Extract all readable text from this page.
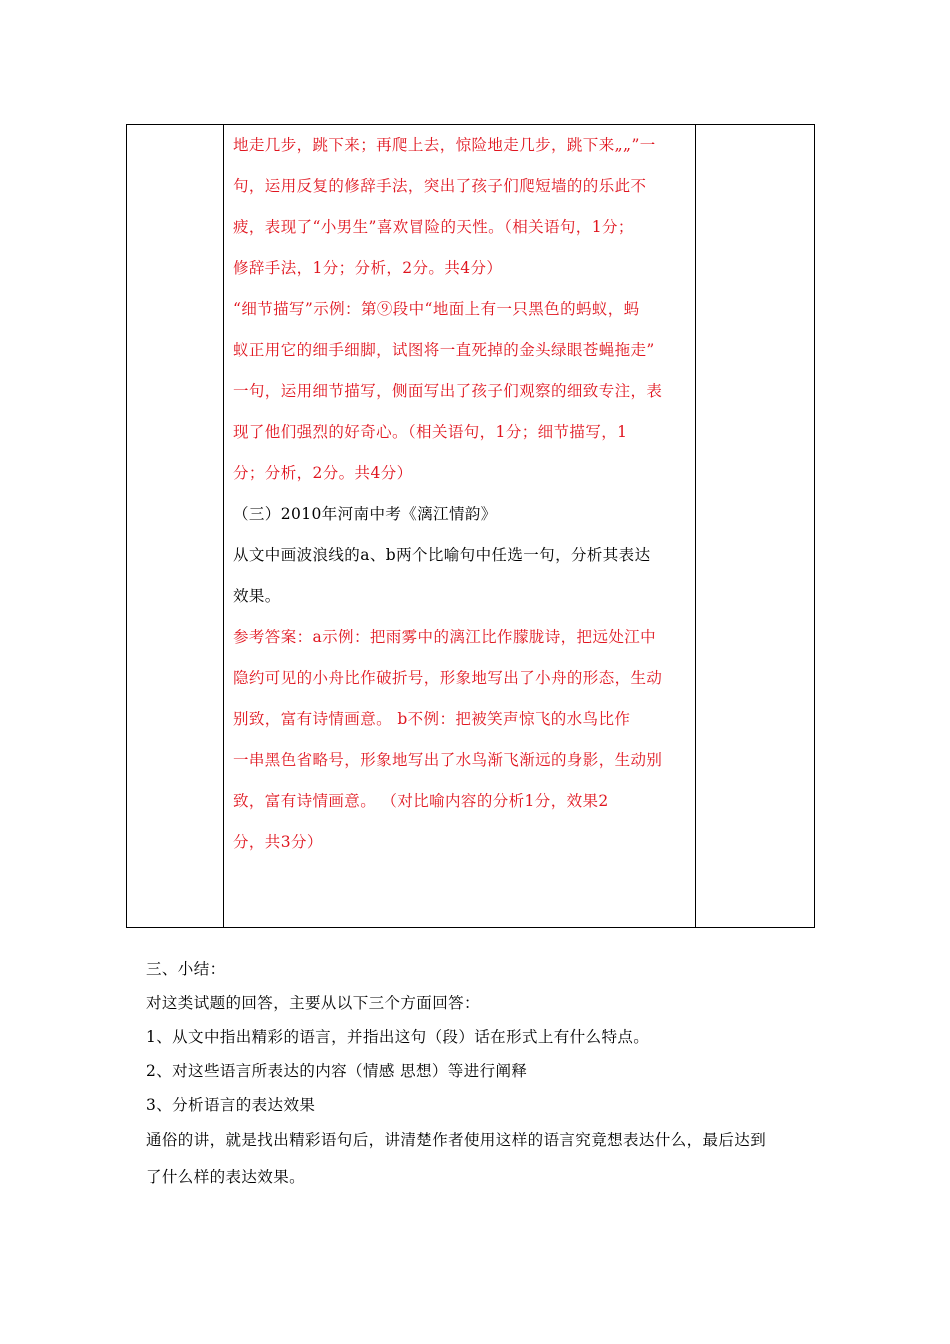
地走几步，跳下来；再爬上去，惊险地走几步，跳下来„„”一

句，运用反复的修辞手法，突出了孩子们爬短墙的的乐此不

疲，表现了“小男生”喜欢冒险的天性。（相关语句，1分；

修辞手法，1分；分析，2分。共4分）

“细节描写”示例：第⑨段中“地面上有一只黑色的蚂蚁，蚂

蚁正用它的细手细脚，试图将一直死掉的金头绿眼苍蝇拖走”

一句，运用细节描写，侧面写出了孩子们观察的细致专注，表

现了他们强烈的好奇心。（相关语句，1分；细节描写，1

分；分析，2分。共4分）

（三）2010年河南中考《漓江情韵》

从文中画波浪线的a、b两个比喻句中任选一句，分析其表达

效果。

参考答案：a示例：把雨雾中的漓江比作朦胧诗，把远处江中

隐约可见的小舟比作破折号，形象地写出了小舟的形态，生动

别致，富有诗情画意。 b不例：把被笑声惊飞的水鸟比作

一串黑色省略号，形象地写出了水鸟渐飞渐远的身影，生动别

致，富有诗情画意。 （对比喻内容的分析1分，效果2

分，共3分）

三、小结：

对这类试题的回答，主要从以下三个方面回答：

1、从文中指出精彩的语言，并指出这句（段）话在形式上有什么特点。

2、对这些语言所表达的内容（情感 思想）等进行阐释

3、分析语言的表达效果

通俗的讲，就是找出精彩语句后，讲清楚作者使用这样的语言究竟想表达什么，最后达到

了什么样的表达效果。
